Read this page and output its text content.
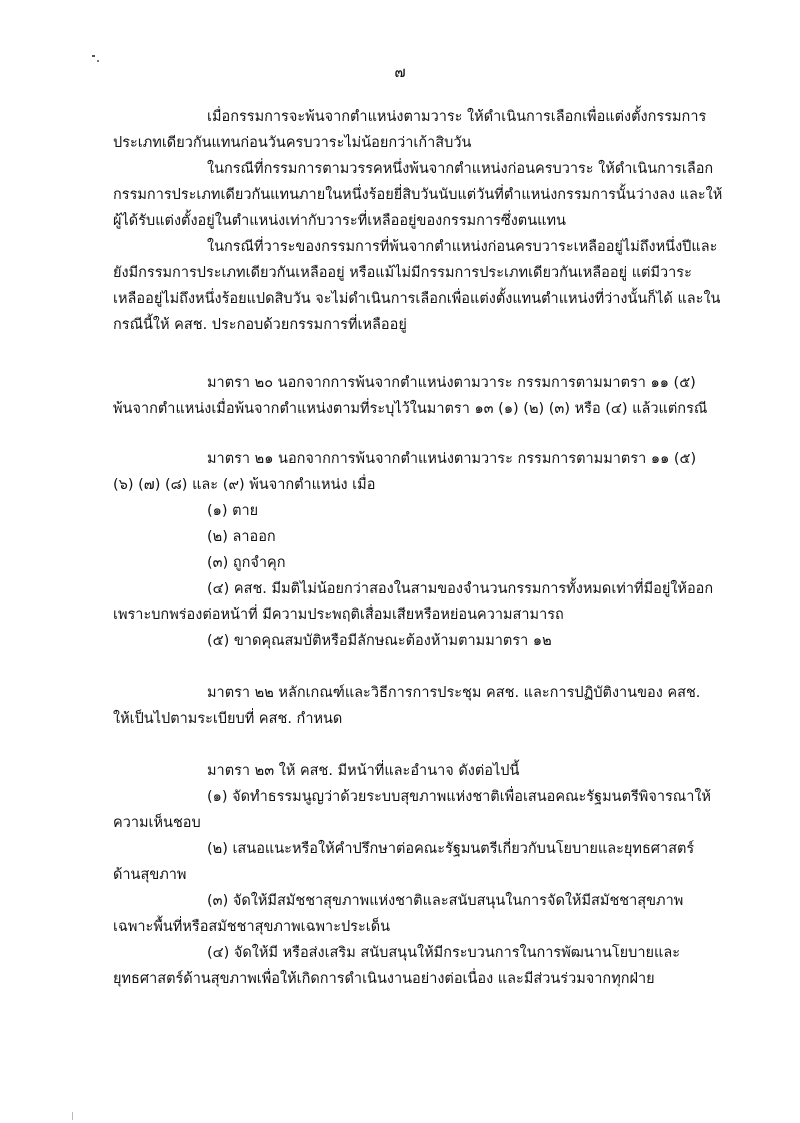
๗

เมื่อกรรมการจะพ้นจากตำแหน่งตามวาระ ให้ดำเนินการเลือกเพื่อแต่งตั้งกรรมการ

ประเภทเดียวกันแทนก่อนวันครบวาระไม่น้อยกว่าเก้าสิบวัน

ในกรณีที่กรรมการตามวรรคหนึ่งพ้นจากตำแหน่งก่อนครบวาระ ให้ดำเนินการเลือก

กรรมการประเภทเดียวกันแทนภายในหนึ่งร้อยยี่สิบวันนับแต่วันที่ตำแหน่งกรรมการนั้นว่างลง และให้

ผู้ได้รับแต่งตั้งอยู่ในตำแหน่งเท่ากับวาระที่เหลืออยู่ของกรรมการซึ่งตนแทน

ในกรณีที่วาระของกรรมการที่พ้นจากตำแหน่งก่อนครบวาระเหลืออยู่ไม่ถึงหนึ่งปีและ

ยังมีกรรมการประเภทเดียวกันเหลืออยู่ หรือแม้ไม่มีกรรมการประเภทเดียวกันเหลืออยู่ แต่มีวาระ

เหลืออยู่ไม่ถึงหนึ่งร้อยแปดสิบวัน จะไม่ดำเนินการเลือกเพื่อแต่งตั้งแทนตำแหน่งที่ว่างนั้นก็ได้ และใน

กรณีนี้ให้ คสช. ประกอบด้วยกรรมการที่เหลืออยู่

มาตรา ๒๐ นอกจากการพ้นจากตำแหน่งตามวาระ กรรมการตามมาตรา ๑๑ (๕)

พ้นจากตำแหน่งเมื่อพ้นจากตำแหน่งตามที่ระบุไว้ในมาตรา ๑๓ (๑) (๒) (๓) หรือ (๔) แล้วแต่กรณี

มาตรา ๒๑ นอกจากการพ้นจากตำแหน่งตามวาระ กรรมการตามมาตรา ๑๑ (๕)

(๖) (๗) (๘) และ (๙) พ้นจากตำแหน่ง เมื่อ

(๑) ตาย

(๒) ลาออก

(๓) ถูกจำคุก

(๔) คสช. มีมติไม่น้อยกว่าสองในสามของจำนวนกรรมการทั้งหมดเท่าที่มีอยู่ให้ออก

เพราะบกพร่องต่อหน้าที่ มีความประพฤติเสื่อมเสียหรือหย่อนความสามารถ

(๕) ขาดคุณสมบัติหรือมีลักษณะต้องห้ามตามมาตรา ๑๒

มาตรา ๒๒ หลักเกณฑ์และวิธีการการประชุม คสช. และการปฏิบัติงานของ คสช.

ให้เป็นไปตามระเบียบที่ คสช. กำหนด

มาตรา ๒๓ ให้ คสช. มีหน้าที่และอำนาจ ดังต่อไปนี้

(๑) จัดทำธรรมนูญว่าด้วยระบบสุขภาพแห่งชาติเพื่อเสนอคณะรัฐมนตรีพิจารณาให้

ความเห็นชอบ

(๒) เสนอแนะหรือให้คำปรึกษาต่อคณะรัฐมนตรีเกี่ยวกับนโยบายและยุทธศาสตร์

ด้านสุขภาพ

(๓) จัดให้มีสมัชชาสุขภาพแห่งชาติและสนับสนุนในการจัดให้มีสมัชชาสุขภาพ

เฉพาะพื้นที่หรือสมัชชาสุขภาพเฉพาะประเด็น

(๔) จัดให้มี หรือส่งเสริม สนับสนุนให้มีกระบวนการในการพัฒนานโยบายและ

ยุทธศาสตร์ด้านสุขภาพเพื่อให้เกิดการดำเนินงานอย่างต่อเนื่อง และมีส่วนร่วมจากทุกฝ่าย
